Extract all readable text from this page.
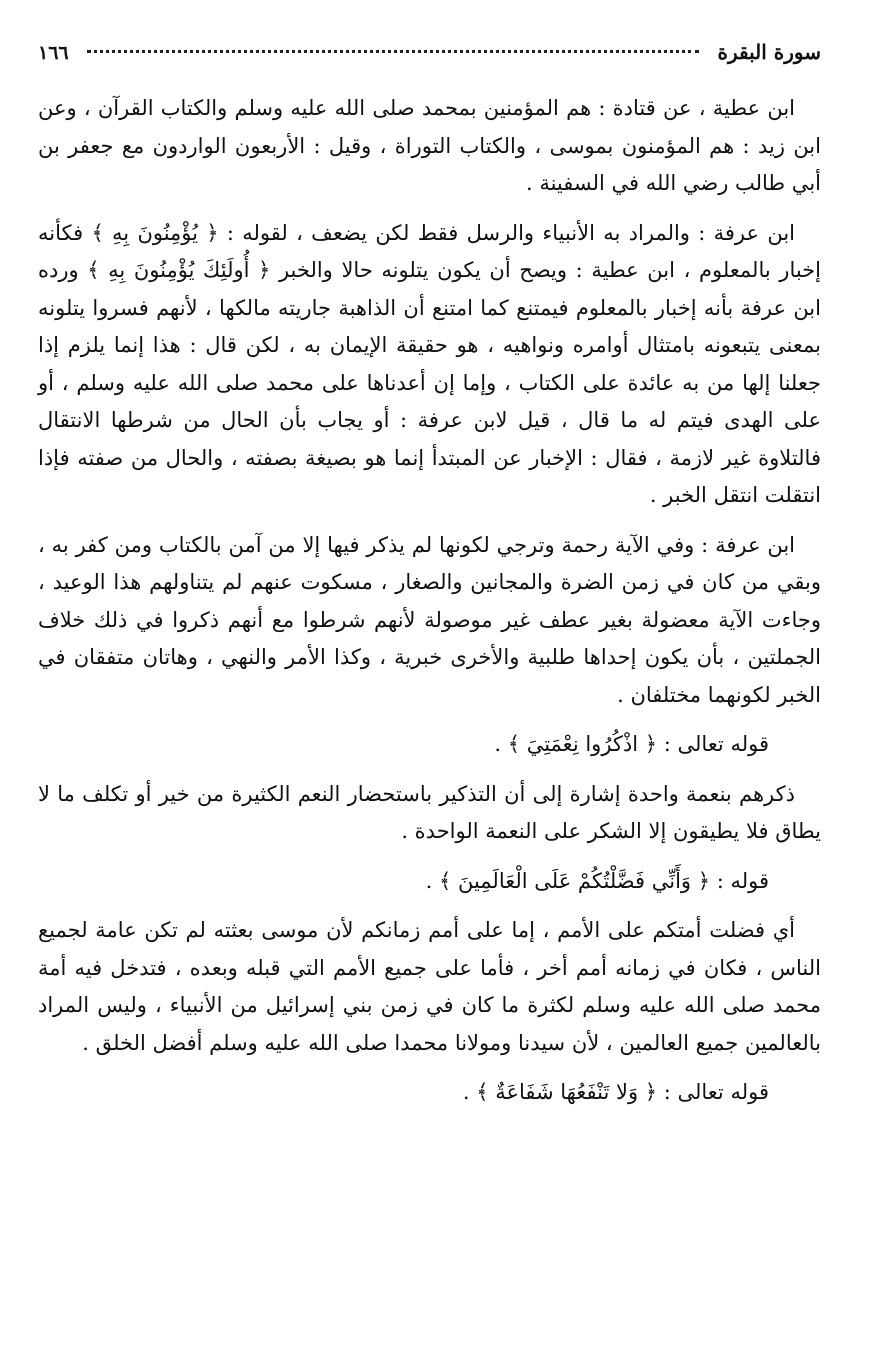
سورة البقرة
١٦٦

ابن عطية ، عن قتادة : هم المؤمنين بمحمد صلى الله عليه وسلم والكتاب القرآن ، وعن ابن زيد : هم المؤمنون بموسى ، والكتاب التوراة ، وقيل : الأربعون الواردون مع جعفر بن أبي طالب رضي الله في السفينة .

ابن عرفة : والمراد به الأنبياء والرسل فقط لكن يضعف ، لقوله : ﴿ يُؤْمِنُونَ بِهِ ﴾ فكأنه إخبار بالمعلوم ، ابن عطية : ويصح أن يكون يتلونه حالا والخبر ﴿ أُولَئِكَ يُؤْمِنُونَ بِهِ ﴾ ورده ابن عرفة بأنه إخبار بالمعلوم فيمتنع كما امتنع أن الذاهبة جاريته مالكها ، لأنهم فسروا يتلونه بمعنى يتبعونه بامتثال أوامره ونواهيه ، هو حقيقة الإيمان به ، لكن قال : هذا إنما يلزم إذا جعلنا إلها من به عائدة على الكتاب ، وإما إن أعدناها على محمد صلى الله عليه وسلم ، أو على الهدى فيتم له ما قال ، قيل لابن عرفة : أو يجاب بأن الحال من شرطها الانتقال فالتلاوة غير لازمة ، فقال : الإخبار عن المبتدأ إنما هو بصيغة بصفته ، والحال من صفته فإذا انتقلت انتقل الخبر .

ابن عرفة : وفي الآية رحمة وترجي لكونها لم يذكر فيها إلا من آمن بالكتاب ومن كفر به ، وبقي من كان في زمن الضرة والمجانين والصغار ، مسكوت عنهم لم يتناولهم هذا الوعيد ، وجاءت الآية معضولة بغير عطف غير موصولة لأنهم شرطوا مع أنهم ذكروا في ذلك خلاف الجملتين ، بأن يكون إحداها طلبية والأخرى خبرية ، وكذا الأمر والنهي ، وهاتان متفقان في الخبر لكونهما مختلفان .

قوله تعالى : ﴿ اذْكُرُوا نِعْمَتِيَ ﴾ .

ذكرهم بنعمة واحدة إشارة إلى أن التذكير باستحضار النعم الكثيرة من خير أو تكلف ما لا يطاق فلا يطيقون إلا الشكر على النعمة الواحدة .

قوله : ﴿ وَأَنِّي فَضَّلْتُكُمْ عَلَى الْعَالَمِينَ ﴾ .

أي فضلت أمتكم على الأمم ، إما على أمم زمانكم لأن موسى بعثته لم تكن عامة لجميع الناس ، فكان في زمانه أمم أخر ، فأما على جميع الأمم التي قبله وبعده ، فتدخل فيه أمة محمد صلى الله عليه وسلم لكثرة ما كان في زمن بني إسرائيل من الأنبياء ، وليس المراد بالعالمين جميع العالمين ، لأن سيدنا ومولانا محمدا صلى الله عليه وسلم أفضل الخلق .

قوله تعالى : ﴿ وَلا تَنْفَعُهَا شَفَاعَةٌ ﴾ .
